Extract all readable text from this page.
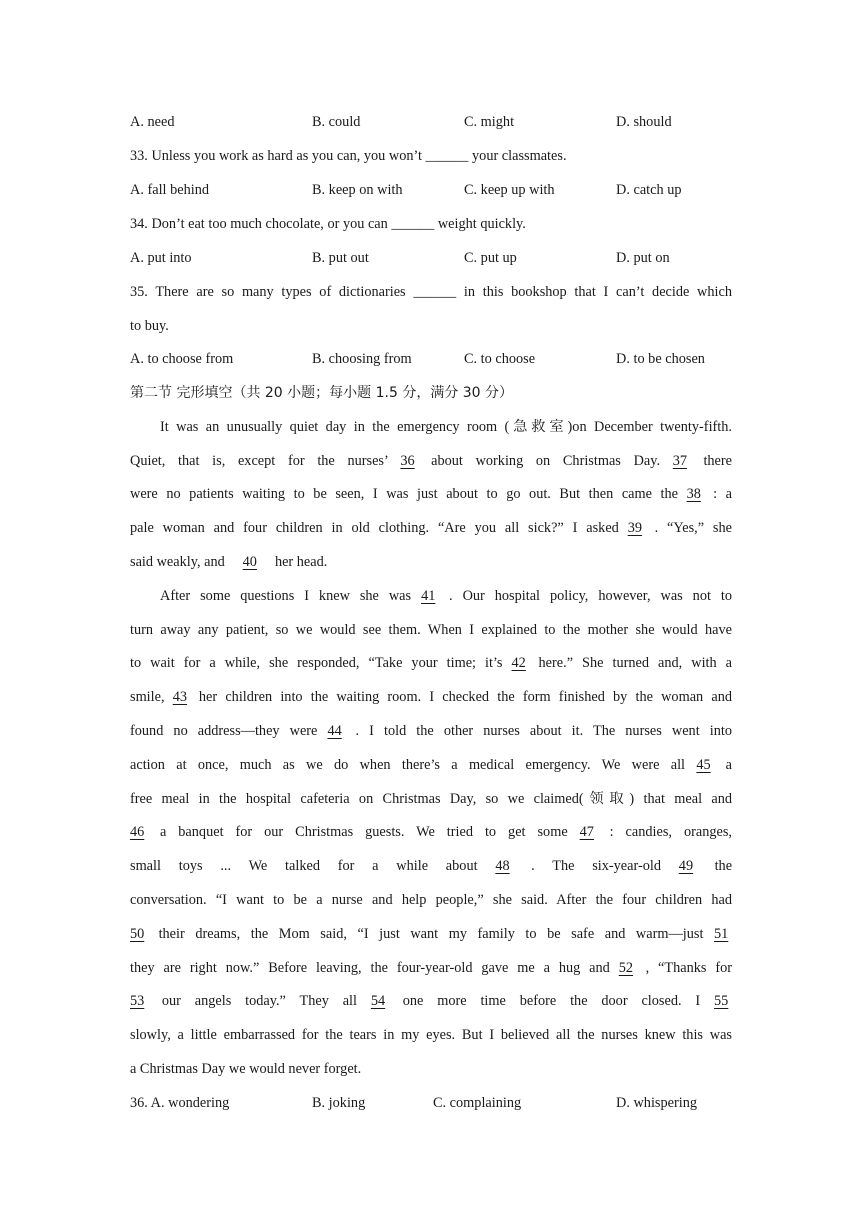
A. need	B. could	C. might	D. should
33. Unless you work as hard as you can, you won’t ______ your classmates.
A. fall behind	B. keep on with	C. keep up with	D. catch up
34. Don’t eat too much chocolate, or you can ______ weight quickly.
A. put into	B. put out	C. put up	D. put on
35. There are so many types of dictionaries ______ in this bookshop that I can’t decide which
to buy.
A. to choose from	B. choosing from	C. to choose	D. to be chosen
第二节 完形填空（共 20 小题；每小题 1.5 分，满分 30 分）
It was an unusually quiet day in the emergency room (急救室)on December twenty-fifth.
Quiet, that is, except for the nurses’ 36 about working on Christmas Day. 37 there
were no patients waiting to be seen, I was just about to go out. But then came the 38 : a
pale woman and four children in old clothing. “Are you all sick?” I asked 39 . “Yes,” she
said weakly, and 40 her head.
After some questions I knew she was 41 . Our hospital policy, however, was not to
turn away any patient, so we would see them. When I explained to the mother she would have
to wait for a while, she responded, “Take your time; it’s 42 here.” She turned and, with a
smile, 43 her children into the waiting room. I checked the form finished by the woman and
found no address—they were 44 . I told the other nurses about it. The nurses went into
action at once, much as we do when there’s a medical emergency. We were all 45 a
free meal in the hospital cafeteria on Christmas Day, so we claimed(领取) that meal and
46 a banquet for our Christmas guests. We tried to get some 47 : candies, oranges,
small toys ... We talked for a while about 48 . The six-year-old 49 the
conversation. “I want to be a nurse and help people,” she said. After the four children had
50 their dreams, the Mom said, “I just want my family to be safe and warm—just 51
they are right now.” Before leaving, the four-year-old gave me a hug and 52 , “Thanks for
53 our angels today.” They all 54 one more time before the door closed. I 55
slowly, a little embarrassed for the tears in my eyes. But I believed all the nurses knew this was
a Christmas Day we would never forget.
36. A. wondering	B. joking	C. complaining	D. whispering
